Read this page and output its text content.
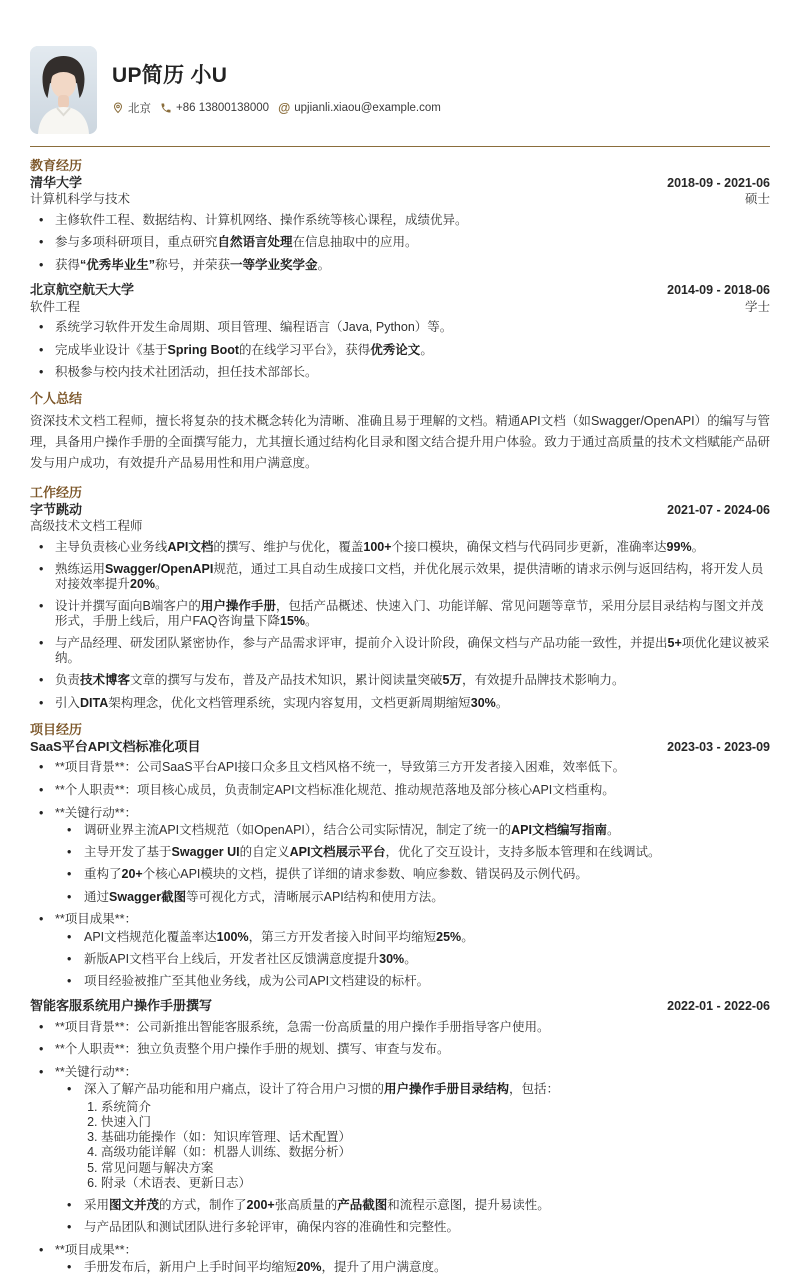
UP简历 小U
北京 +86 13800138000 @ upjianli.xiaou@example.com
教育经历
清华大学	2018-09 - 2021-06
计算机科学与技术	硕士
• 主修软件工程、数据结构、计算机网络、操作系统等核心课程，成绩优异。
• 参与多项科研项目，重点研究自然语言处理在信息抽取中的应用。
• 获得“优秀毕业生”称号，并荣获一等学业奖学金。
北京航空航天大学	2014-09 - 2018-06
软件工程	学士
• 系统学习软件开发生命周期、项目管理、编程语言（Java, Python）等。
• 完成毕业设计《基于Spring Boot的在线学习平台》，获得优秀论文。
• 积极参与校内技术社团活动，担任技术部部长。
个人总结

资深技术文档工程师，擅长将复杂的技术概念转化为清晰、准确且易于理解的文档。精通API文档（如Swagger/OpenAPI）的编写与管理，具备用户操作手册的全面撰写能力，尤其擅长通过结构化目录和图文结合提升用户体验。致力于通过高质量的技术文档赋能产品研发与用户成功，有效提升产品易用性和用户满意度。

工作经历
字节跳动	2021-07 - 2024-06
高级技术文档工程师
• 主导负责核心业务线API文档的撰写、维护与优化，覆盖100+个接口模块，确保文档与代码同步更新，准确率达99%。
• 熟练运用Swagger/OpenAPI规范，通过工具自动生成接口文档，并优化展示效果，提供清晰的请求示例与返回结构，将开发人员对接效率提升20%。
• 设计并撰写面向B端客户的用户操作手册，包括产品概述、快速入门、功能详解、常见问题等章节，采用分层目录结构与图文并茂形式，手册上线后，用户FAQ咨询量下降15%。
• 与产品经理、研发团队紧密协作，参与产品需求评审，提前介入设计阶段，确保文档与产品功能一致性，并提出5+项优化建议被采纳。
• 负责技术博客文章的撰写与发布，普及产品技术知识，累计阅读量突破5万，有效提升品牌技术影响力。
• 引入DITA架构理念，优化文档管理系统，实现内容复用，文档更新周期缩短30%。
项目经历
SaaS平台API文档标准化项目	2023-03 - 2023-09
• **项目背景**：公司SaaS平台API接口众多且文档风格不统一，导致第三方开发者接入困难，效率低下。
• **个人职责**：项目核心成员，负责制定API文档标准化规范、推动规范落地及部分核心API文档重构。
• **关键行动**：
• 调研业界主流API文档规范（如OpenAPI），结合公司实际情况，制定了统一的API文档编写指南。
• 主导开发了基于Swagger UI的自定义API文档展示平台，优化了交互设计，支持多版本管理和在线调试。
• 重构了20+个核心API模块的文档，提供了详细的请求参数、响应参数、错误码及示例代码。
• 通过Swagger截图等可视化方式，清晰展示API结构和使用方法。
• **项目成果**：
• API文档规范化覆盖率达100%，第三方开发者接入时间平均缩短25%。
• 新版API文档平台上线后，开发者社区反馈满意度提升30%。
• 项目经验被推广至其他业务线，成为公司API文档建设的标杆。
智能客服系统用户操作手册撰写	2022-01 - 2022-06
• **项目背景**：公司新推出智能客服系统，急需一份高质量的用户操作手册指导客户使用。
• **个人职责**：独立负责整个用户操作手册的规划、撰写、审查与发布。
• **关键行动**：
• 深入了解产品功能和用户痛点，设计了符合用户习惯的用户操作手册目录结构，包括：
1. 系统简介
2. 快速入门
3. 基础功能操作（如：知识库管理、话术配置）
4. 高级功能详解（如：机器人训练、数据分析）
5. 常见问题与解决方案
6. 附录（术语表、更新日志）
• 采用图文并茂的方式，制作了200+张高质量的产品截图和流程示意图，提升易读性。
• 与产品团队和测试团队进行多轮评审，确保内容的准确性和完整性。
• **项目成果**：
• 手册发布后，新用户上手时间平均缩短20%，提升了用户满意度。
